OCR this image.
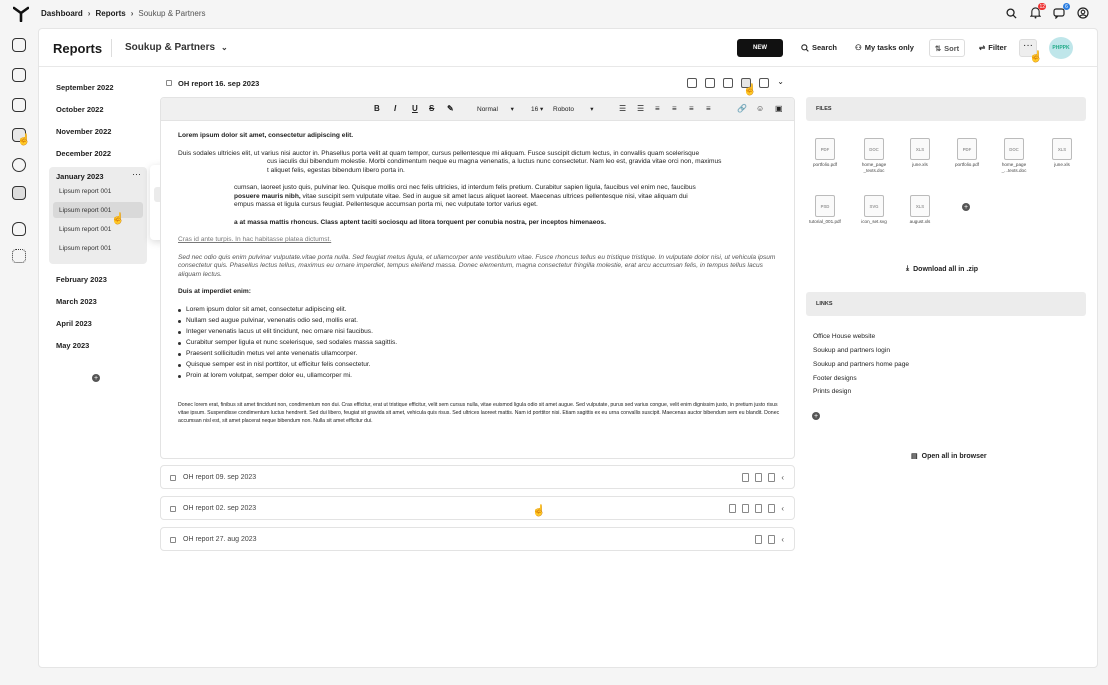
Dashboard › Reports › Soukup & Partners
12	6
☝
Reports Soukup & Partners ⌄	NEW	Search ⚇ My tasks only	⇅ Sort	⇌ Filter	···	PHPPK
☝
September 2022
October 2022
November 2022
December 2022
January 2023	···
Lipsum report 001
Lipsum report 001
Lipsum report 001
Lipsum report 001
February 2023
March 2023
April 2023
May 2023
+
☝
OH report 16. sep 2023	⌄
☝
B I U S ✎	Normal       ▾	16 ▾ Roboto         ▾	☰ ☰ ≡ ≡ ≡ ≡	🔗 ☺ ▣

Lorem ipsum dolor sit amet, consectetur adipiscing elit.

Duis sodales ultricies elit, ut varius nisi auctor in. Phasellus porta velit at quam tempor, cursus pellentesque mi aliquam. Fusce suscipit dictum lectus, in convallis quam scelerisque
cus iaculis dui bibendum molestie. Morbi condimentum neque eu magna venenatis, a luctus nunc consectetur. Nam leo est, gravida vitae orci non, maximus
t aliquet felis, egestas bibendum libero porta in.

cumsan, laoreet justo quis, pulvinar leo. Quisque mollis orci nec felis ultricies, id interdum felis pretium. Curabitur sapien ligula, faucibus vel enim nec, faucibus
posuere mauris nibh, vitae suscipit sem vulputate vitae. Sed in augue sit amet lacus aliquet laoreet. Maecenas ultrices pellentesque nisi, vitae aliquam dui
empus massa et ligula cursus feugiat. Pellentesque accumsan porta mi, nec vulputate tortor varius eget.

a at massa mattis rhoncus. Class aptent taciti sociosqu ad litora torquent per conubia nostra, per inceptos himenaeos.

Cras id ante turpis. In hac habitasse platea dictumst.

Sed nec odio quis enim pulvinar vulputate.vitae porta nulla. Sed feugiat metus ligula, et ullamcorper ante vestibulum vitae. Fusce rhoncus tellus eu tristique tristique. In vulputate dolor nisi, ut vehicula ipsum consectetur quis. Phasellus lectus tellus, maximus eu ornare imperdiet, tempus eleifend massa. Donec elementum, magna consectetur fringilla molestie, erat arcu accumsan felis, in tempus tellus lacus aliquam lectus.

Duis at imperdiet enim:

Lorem ipsum dolor sit amet, consectetur adipiscing elit.
Nullam sed augue pulvinar, venenatis odio sed, mollis erat.
Integer venenatis lacus ut elit tincidunt, nec ornare nisi faucibus.
Curabitur semper ligula et nunc scelerisque, sed sodales massa sagittis.
Praesent sollicitudin metus vel ante venenatis ullamcorper.
Quisque semper est in nisl porttitor, ut efficitur felis consectetur.
Proin at lorem volutpat, semper dolor eu, ullamcorper mi.

Donec lorem erat, finibus sit amet tincidunt non, condimentum non dui. Cras efficitur, erat ut tristique efficitur, velit sem cursus nulla, vitae euismod ligula odio sit amet augue. Sed vulputate, purus sed varius congue, velit enim dignissim justo, in pretium justo risus vitae ipsum. Suspendisse condimentum luctus hendrerit. Sed dui libero, feugiat sit gravida sit amet, vehicula quis risus. Sed ultrices laoreet mattis. Nam id porttitor nisi. Etiam sagittis ex eu urna convallis suscipit. Maecenas auctor bibendum sem eu blandit. Donec accumsan nisl est, sit amet placerat neque bibendum non. Nulla sit amet efficitur dui.

OH report 09. sep 2023	‹
OH report 02. sep 2023	‹
☝
OH report 27. aug 2023	‹
FILES
PDF
portfolio.pdf
DOC
home_page _texts.doc
XLS
june.xls
PDF
portfolio.pdf
DOC
home_page _...texts.doc
XLS
june.xls
PSD
tutorial_001.pdf
SVG
icon_set.svg
XLS
august.xls
+
⤓ Download all in .zip
LINKS
Office House website
Soukup and partners login
Soukup and partners home page
Footer designs
Prints design
+
▤ Open all in browser
